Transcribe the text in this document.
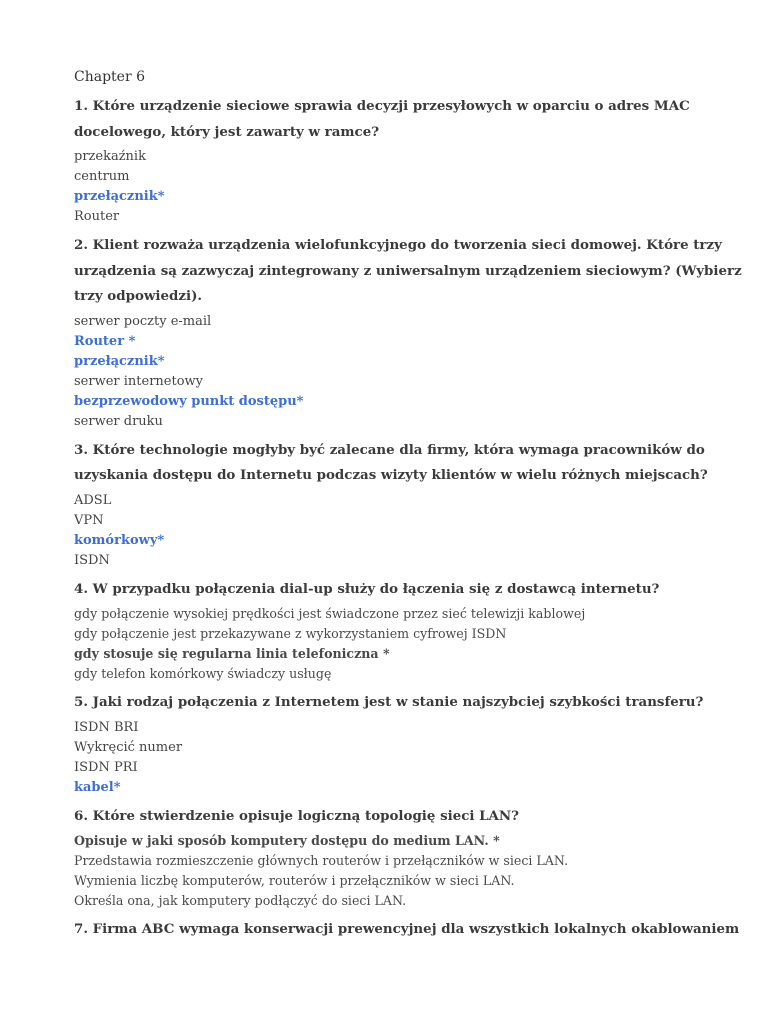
Chapter 6
1. Które urządzenie sieciowe sprawia decyzji przesyłowych w oparciu o adres MAC
docelowego, który jest zawarty w ramce?
przekaźnik
centrum
przełącznik*
Router
2. Klient rozważa urządzenia wielofunkcyjnego do tworzenia sieci domowej. Które trzy
urządzenia są zazwyczaj zintegrowany z uniwersalnym urządzeniem sieciowym? (Wybierz
trzy odpowiedzi).
serwer poczty e-mail
Router *
przełącznik*
serwer internetowy
bezprzewodowy punkt dostępu*
serwer druku
3. Które technologie mogłyby być zalecane dla firmy, która wymaga pracowników do
uzyskania dostępu do Internetu podczas wizyty klientów w wielu różnych miejscach?
ADSL
VPN
komórkowy*
ISDN
4. W przypadku połączenia dial-up służy do łączenia się z dostawcą internetu?
gdy połączenie wysokiej prędkości jest świadczone przez sieć telewizji kablowej
gdy połączenie jest przekazywane z wykorzystaniem cyfrowej ISDN
gdy stosuje się regularna linia telefoniczna *
gdy telefon komórkowy świadczy usługę
5. Jaki rodzaj połączenia z Internetem jest w stanie najszybciej szybkości transferu?
ISDN BRI
Wykręcić numer
ISDN PRI
kabel*
6. Które stwierdzenie opisuje logiczną topologię sieci LAN?
Opisuje w jaki sposób komputery dostępu do medium LAN. *
Przedstawia rozmieszczenie głównych routerów i przełączników w sieci LAN.
Wymienia liczbę komputerów, routerów i przełączników w sieci LAN.
Określa ona, jak komputery podłączyć do sieci LAN.
7. Firma ABC wymaga konserwacji prewencyjnej dla wszystkich lokalnych okablowaniem
